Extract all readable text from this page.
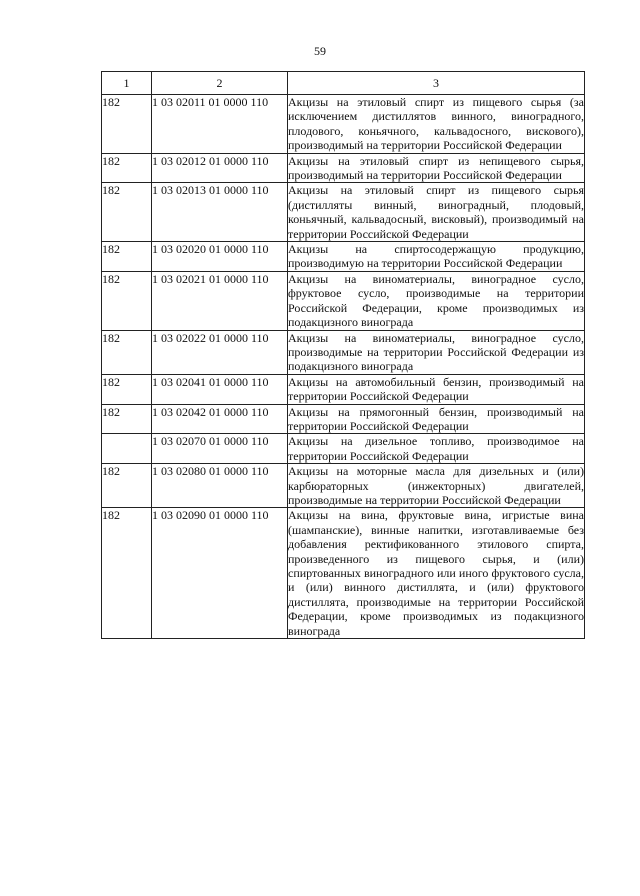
59
1	2	3
182	1 03 02011 01 0000 110	Акцизы на этиловый спирт из пищевого сырья (за исключением дистиллятов винного, виноградного, плодового, коньячного, кальвадосного, вискового), производимый на территории Российской Федерации
182	1 03 02012 01 0000 110	Акцизы на этиловый спирт из непищевого сырья, производимый на территории Российской Федерации
182	1 03 02013 01 0000 110	Акцизы на этиловый спирт из пищевого сырья (дистилляты винный, виноградный, плодовый, коньячный, кальвадосный, висковый), производимый на территории Российской Федерации
182	1 03 02020 01 0000 110	Акцизы на спиртосодержащую продукцию, производимую на территории Российской Федерации
182	1 03 02021 01 0000 110	Акцизы на виноматериалы, виноградное сусло, фруктовое сусло, производимые на территории Российской Федерации, кроме производимых из подакцизного винограда
182	1 03 02022 01 0000 110	Акцизы на виноматериалы, виноградное сусло, производимые на территории Российской Федерации из подакцизного винограда
182	1 03 02041 01 0000 110	Акцизы на автомобильный бензин, производимый на территории Российской Федерации
182	1 03 02042 01 0000 110	Акцизы на прямогонный бензин, производимый на территории Российской Федерации
	1 03 02070 01 0000 110	Акцизы на дизельное топливо, производимое на территории Российской Федерации
182	1 03 02080 01 0000 110	Акцизы на моторные масла для дизельных и (или) карбюраторных (инжекторных) двигателей, производимые на территории Российской Федерации
182	1 03 02090 01 0000 110	Акцизы на вина, фруктовые вина, игристые вина (шампанские), винные напитки, изготавливаемые без добавления ректификованного этилового спирта, произведенного из пищевого сырья, и (или) спиртованных виноградного или иного фруктового сусла, и (или) винного дистиллята, и (или) фруктового дистиллята, производимые на территории Российской Федерации, кроме производимых из подакцизного винограда
